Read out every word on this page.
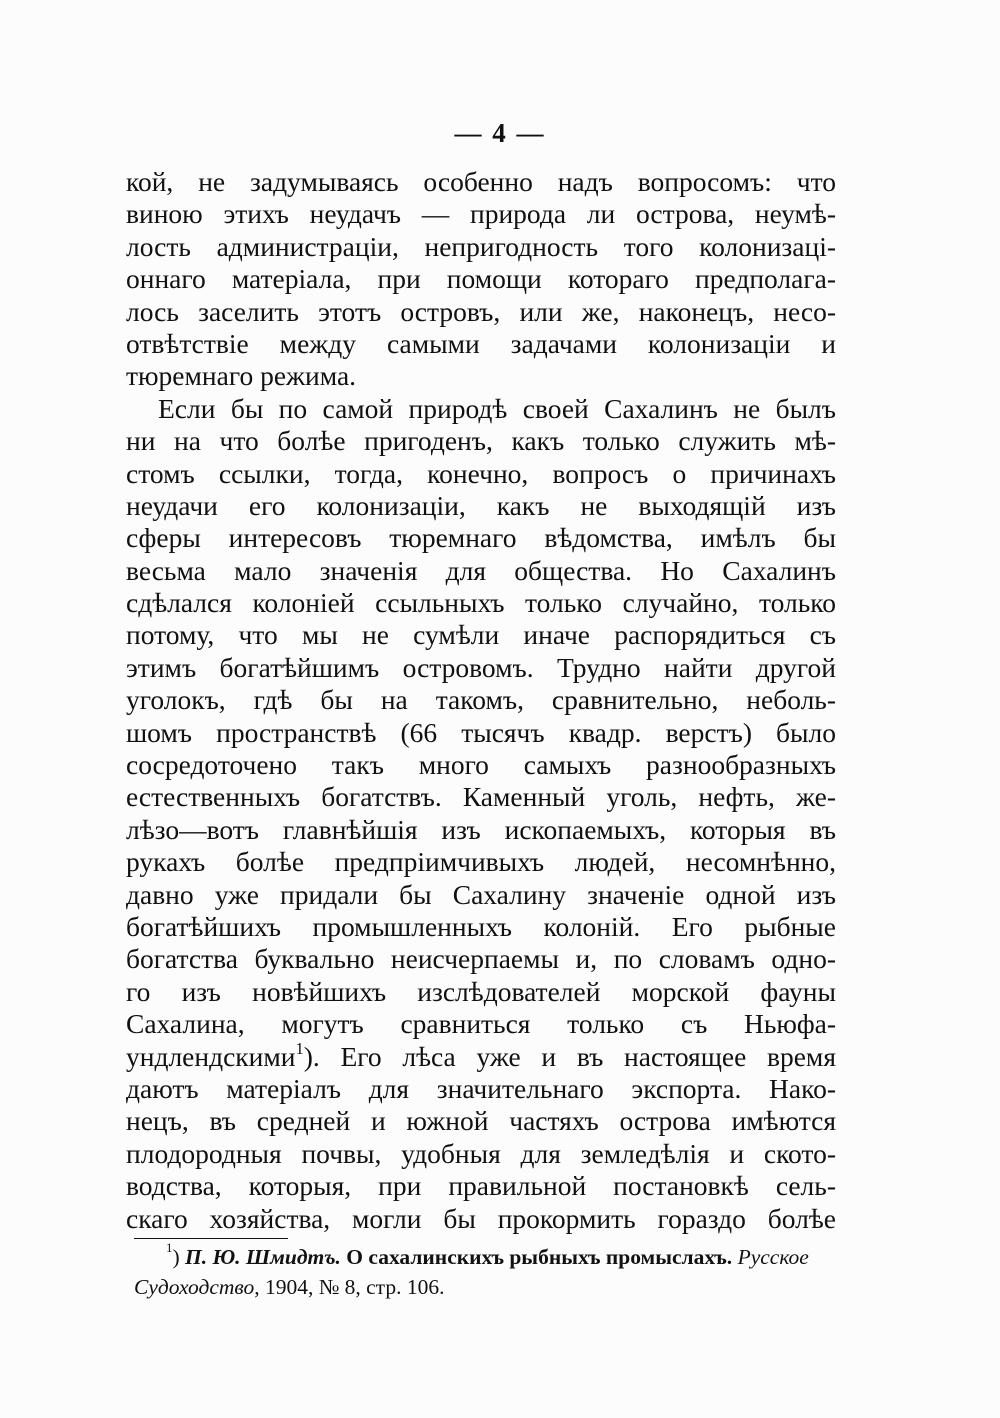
— 4 —
кой, не задумываясь особенно надъ вопросомъ: что
виною этихъ неудачъ — природа ли острова, неумѣ-
лость администрацiи, непригодность того колонизацi-
оннаго матерiала, при помощи котораго предполага-
лось заселить этотъ островъ, или же, наконецъ, несо-
отвѣтствiе между самыми задачами колонизацiи и
тюремнаго режима.
Если бы по самой природѣ своей Сахалинъ не былъ
ни на что болѣе пригоденъ, какъ только служить мѣ-
стомъ ссылки, тогда, конечно, вопросъ о причинахъ
неудачи его колонизацiи, какъ не выходящiй изъ
сферы интересовъ тюремнаго вѣдомства, имѣлъ бы
весьма мало значенiя для общества. Но Сахалинъ
сдѣлался колонiей ссыльныхъ только случайно, только
потому, что мы не сумѣли иначе распорядиться съ
этимъ богатѣйшимъ островомъ. Трудно найти другой
уголокъ, гдѣ бы на такомъ, сравнительно, неболь-
шомъ пространствѣ (66 тысячъ квадр. верстъ) было
сосредоточено такъ много самыхъ разнообразныхъ
естественныхъ богатствъ. Каменный уголь, нефть, же-
лѣзо—вотъ главнѣйшiя изъ ископаемыхъ, которыя въ
рукахъ болѣе предпрiимчивыхъ людей, несомнѣнно,
давно уже придали бы Сахалину значенiе одной изъ
богатѣйшихъ промышленныхъ колонiй. Его рыбные
богатства буквально неисчерпаемы и, по словамъ одно-
го изъ новѣйшихъ изслѣдователей морской фауны
Сахалина, могутъ сравниться только съ Ньюфа-
ундлендскими$^1$). Его лѣса уже и въ настоящее время
даютъ матерiалъ для значительнаго экспорта. Нако-
нецъ, въ средней и южной частяхъ острова имѣются
плодородныя почвы, удобныя для земледѣлiя и ското-
водства, которыя, при правильной постановкѣ сель-
скаго хозяйства, могли бы прокормить гораздо болѣе
$^1$) П. Ю. Шмидтъ. О сахалинскихъ рыбныхъ промыслахъ. Русское
Судоходство, 1904, № 8, стр. 106.
